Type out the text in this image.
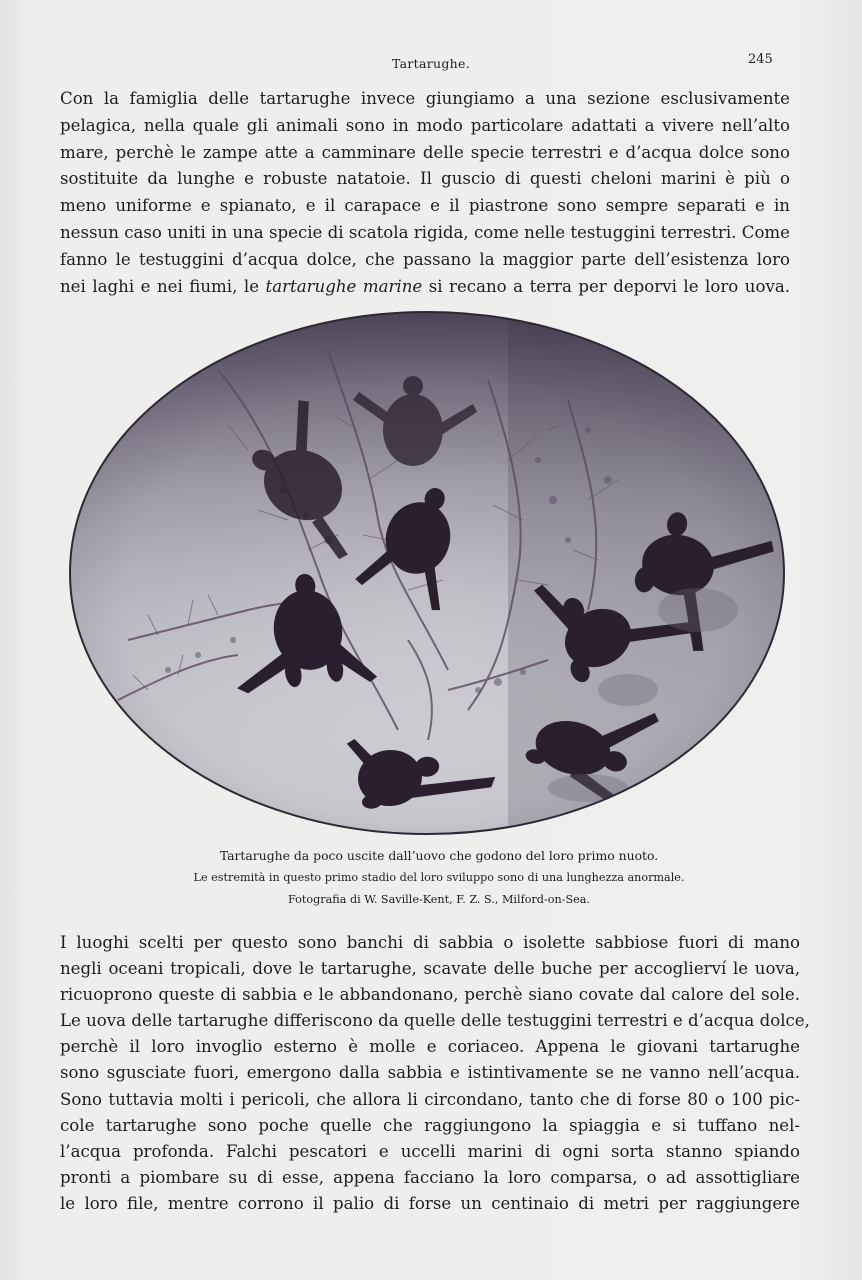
Tartarughe.	245
Con la famiglia delle tartarughe invece giungiamo a una sezione esclusivamente
pelagica, nella quale gli animali sono in modo particolare adattati a vivere nell’alto
mare, perchè le zampe atte a camminare delle specie terrestri e d’acqua dolce sono
sostituite da lunghe e robuste natatoie. Il guscio di questi cheloni marini è più o
meno uniforme e spianato, e il carapace e il piastrone sono sempre separati e in
nessun caso uniti in una specie di scatola rigida, come nelle testuggini terrestri. Come
fanno le testuggini d’acqua dolce, che passano la maggior parte dell’esistenza loro
nei laghi e nei fiumi, le tartarughe marine si recano a terra per deporvi le loro uova.
Tartarughe da poco uscite dall’uovo che godono del loro primo nuoto.
Le estremità in questo primo stadio del loro sviluppo sono di una lunghezza anormale.
Fotografia di W. Saville-Kent, F. Z. S., Milford-on-Sea.
I luoghi scelti per questo sono banchi di sabbia o isolette sabbiose fuori di mano
negli oceani tropicali, dove le tartarughe, scavate delle buche per accoglierví le uova,
ricuoprono queste di sabbia e le abbandonano, perchè siano covate dal calore del sole.
Le uova delle tartarughe differiscono da quelle delle testuggini terrestri e d’acqua dolce,
perchè il loro invoglio esterno è molle e coriaceo. Appena le giovani tartarughe
sono sgusciate fuori, emergono dalla sabbia e istintivamente se ne vanno nell’acqua.
Sono tuttavia molti i pericoli, che allora li circondano, tanto che di forse 80 o 100 pic-
cole tartarughe sono poche quelle che raggiungono la spiaggia e si tuffano nel-
l’acqua profonda. Falchi pescatori e uccelli marini di ogni sorta stanno spiando
pronti a piombare su di esse, appena facciano la loro comparsa, o ad assottigliare
le loro file, mentre corrono il palio di forse un centinaio di metri per raggiungere
